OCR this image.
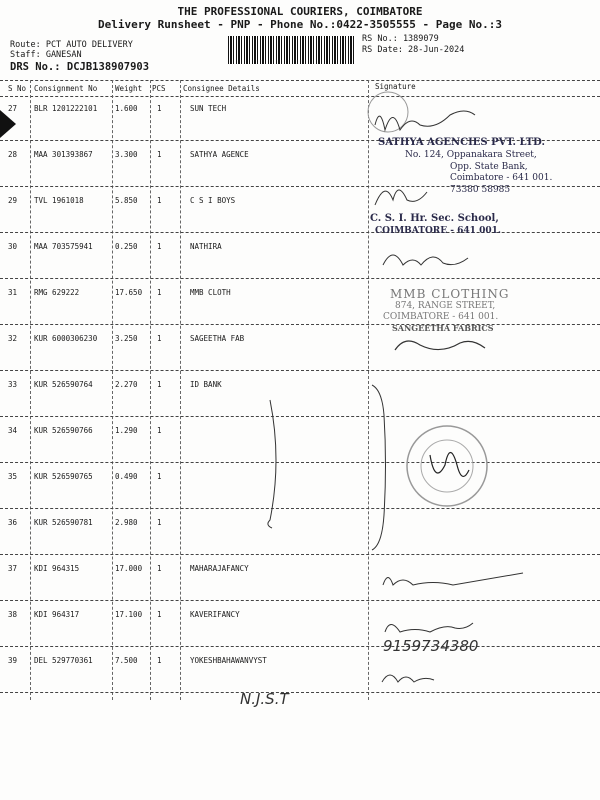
THE PROFESSIONAL COURIERS, COIMBATORE
Delivery Runsheet - PNP - Phone No.:0422-3505555 - Page No.:3
Route: PCT AUTO DELIVERY
Staff: GANESAN
DRS No.: DCJB138907903
RS No.: 1389079
RS Date: 28-Jun-2024
S No Consignment No Weight PCS Consignee Details	Signature
27 BLR 1201222101 1.600	1	SUN TECH
28 MAA 301393867	3.300	1	SATHYA AGENCE
29 TVL 1961018	5.850	1	C S I BOYS
30 MAA 703575941	0.250	1	NATHIRA
31 RMG 629222	17.650 1	MMB CLOTH
32 KUR 6000306230 3.250	1	SAGEETHA FAB
33 KUR 526590764	2.270	1	ID BANK
34 KUR 526590766	1.290	1
35 KUR 526590765	0.490	1
36 KUR 526590781	2.980	1
37 KDI 964315	17.000 1	MAHARAJAFANCY
38 KDI 964317	17.100 1	KAVERIFANCY
39 DEL 529770361	7.500	1	YOKESHBAHAWANVYST
SATHYA AGENCIES PVT. LTD.
No. 124, Oppanakara Street,
Opp. State Bank,
Coimbatore - 641 001.
73380 58985
C. S. I. Hr. Sec. School,
COIMBATORE - 641 001.
MMB CLOTHING
874, RANGE STREET,
COIMBATORE - 641 001.
SANGEETHA FABRICS
9159734380
N.J.S.T
